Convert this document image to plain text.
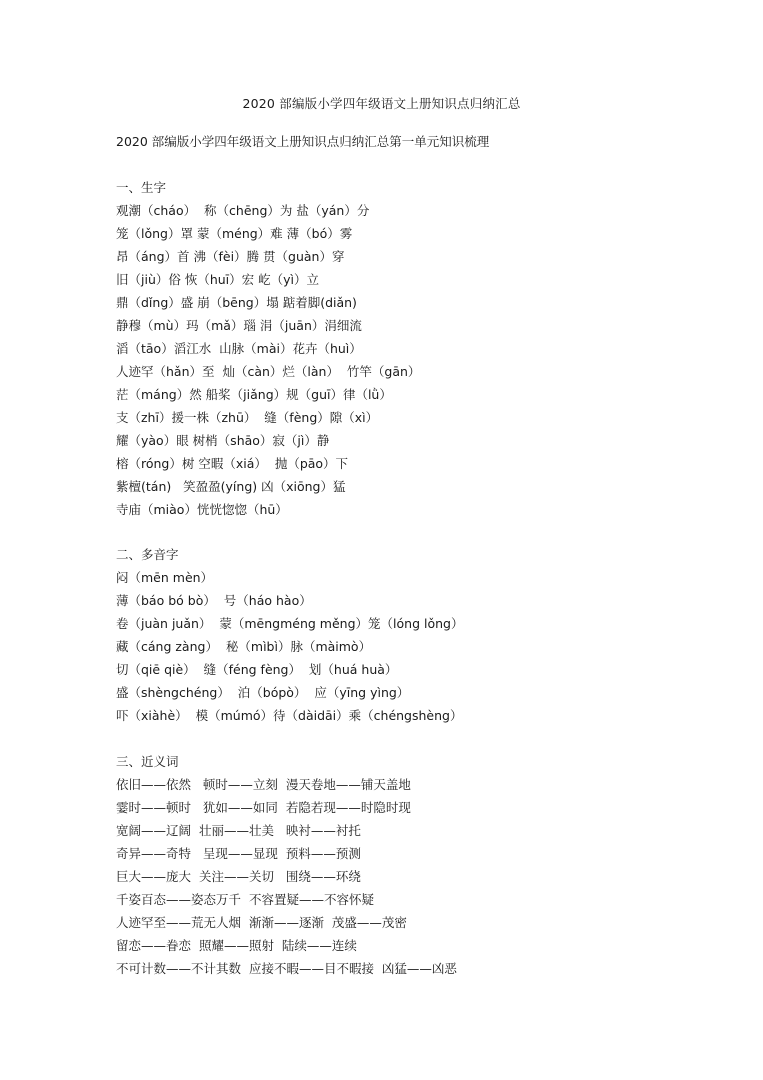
2020 部编版小学四年级语文上册知识点归纳汇总
2020 部编版小学四年级语文上册知识点归纳汇总第一单元知识梳理
一、生字
观潮（cháo）  称（chēng）为 盐（yán）分
笼（lǒng）罩 蒙（méng）难 薄（bó）雾
昂（áng）首 沸（fèi）腾 贯（guàn）穿
旧（jiù）俗 恢（huī）宏 屹（yì）立
鼎（dǐng）盛 崩（bēng）塌 踮着脚(diǎn)
静穆（mù）玛（mǎ）瑙 涓（juān）涓细流
滔（tāo）滔江水  山脉（mài）花卉（huì）
人迹罕（hǎn）至  灿（càn）烂（làn）  竹竿（gān）
茫（máng）然 船桨（jiǎng）规（guī）律（lǜ）
支（zhī）援一株（zhū）  缝（fèng）隙（xì）
耀（yào）眼 树梢（shāo）寂（jì）静
榕（róng）树 空暇（xiá）  抛（pāo）下
紫檀(tán)   笑盈盈(yíng) 凶（xiōng）猛
寺庙（miào）恍恍惚惚（hū）
二、多音字
闷（mēn mèn）
薄（báo bó bò）  号（háo hào）
卷（juàn juǎn）  蒙（mēngméng měng）笼（lóng lǒng）
藏（cáng zàng）  秘（mìbì）脉（màimò）
切（qiē qiè）  缝（féng fèng）  划（huá huà）
盛（shèngchéng）  泊（bópò）  应（yīng yìng）
吓（xiàhè）  模（múmó）待（dàidāi）乘（chéngshèng）
三、近义词
依旧——依然   顿时——立刻  漫天卷地——铺天盖地
霎时——顿时   犹如——如同  若隐若现——时隐时现
宽阔——辽阔  壮丽——壮美   映衬——衬托
奇异——奇特   呈现——显现  预料——预测
巨大——庞大  关注——关切   围绕——环绕
千姿百态——姿态万千  不容置疑——不容怀疑
人迹罕至——荒无人烟  渐渐——逐渐  茂盛——茂密
留恋——眷恋  照耀——照射  陆续——连续
不可计数——不计其数  应接不暇——目不暇接  凶猛——凶恶
